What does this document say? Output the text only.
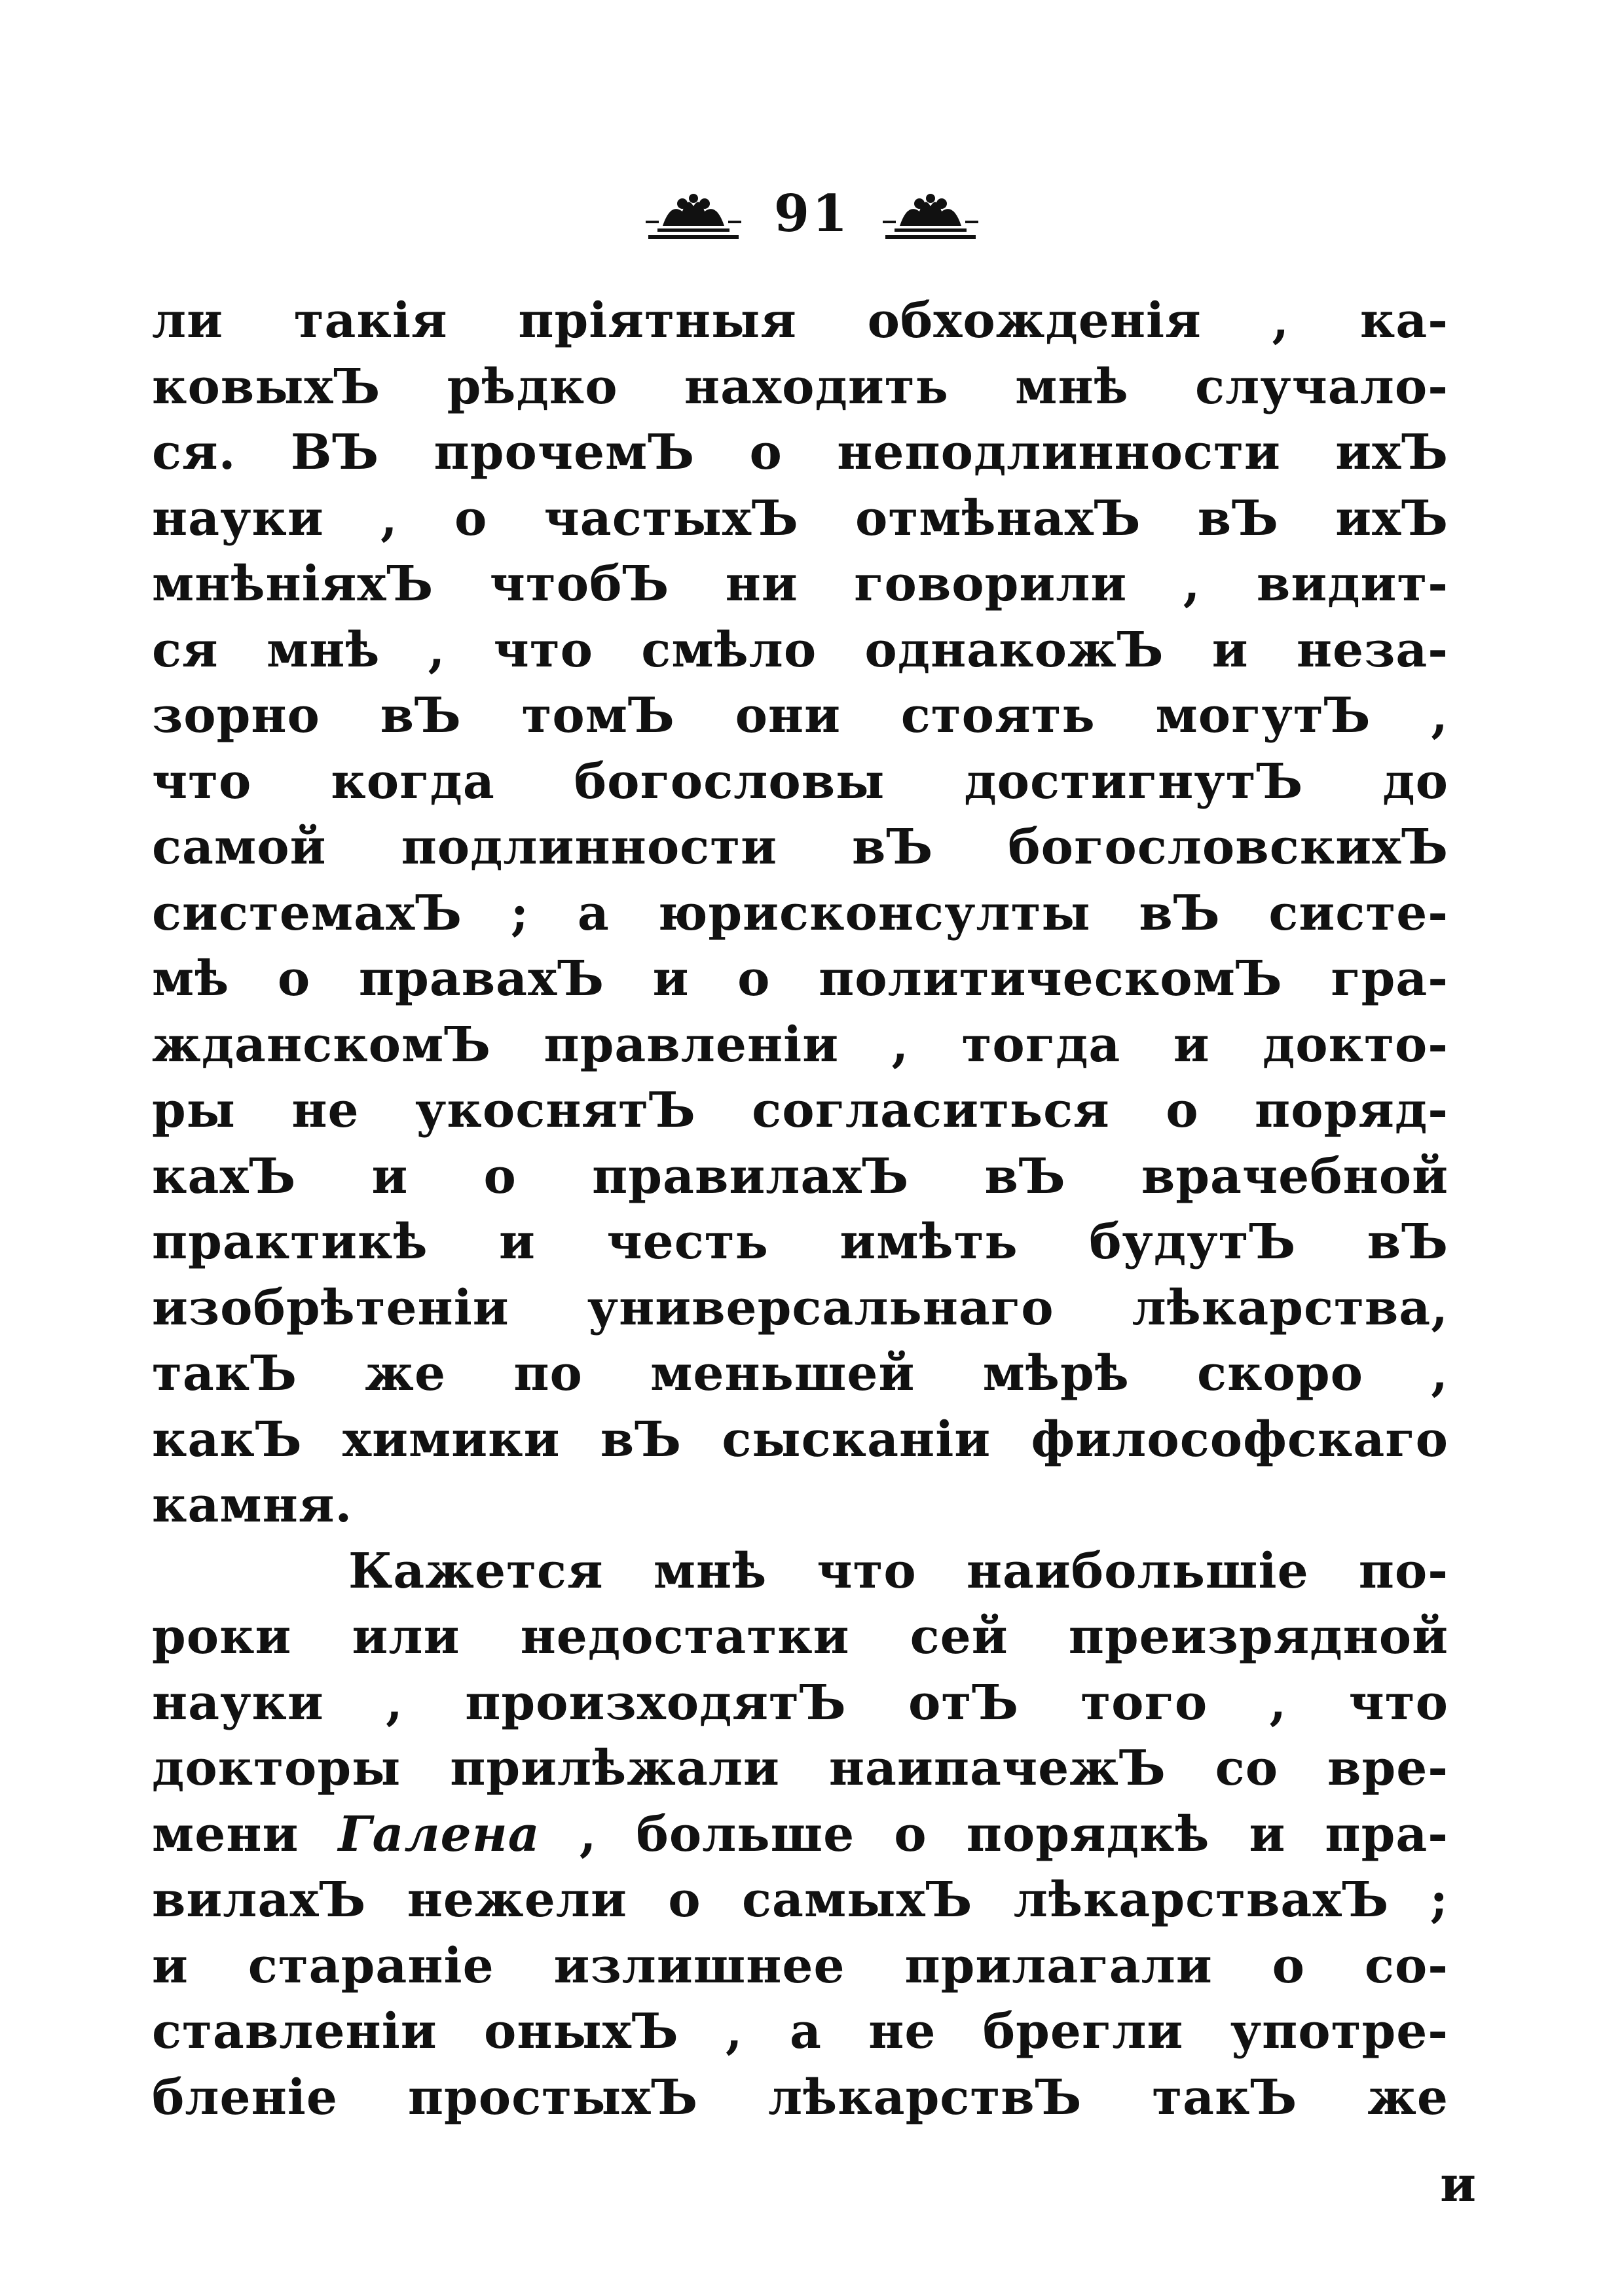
91
ли такія пріятныя обхожденія , ка-
ковыхЪ рѣдко находить мнѣ случало-
ся. ВЪ прочемЪ о неподлинности ихЪ
науки , о частыхЪ отмѣнахЪ вЪ ихЪ
мнѣніяхЪ чтобЪ ни говорили , видит-
ся мнѣ , что смѣло однакожЪ и неза-
зорно вЪ томЪ они стоять могутЪ ,
что когда богословы достигнутЪ до
самой подлинности вЪ богословскихЪ
системахЪ ; а юрисконсулты вЪ систе-
мѣ о правахЪ и о политическомЪ гра-
жданскомЪ правленіи , тогда и докто-
ры не укоснятЪ согласиться о поряд-
кахЪ и о правилахЪ вЪ врачебной
практикѣ и честь имѣть будутЪ вЪ
изобрѣтеніи универсальнаго лѣкарства,
такЪ же по меньшей мѣрѣ скоро ,
какЪ химики вЪ сысканіи философскаго
камня.
Кажется мнѣ что наибольшіе по-
роки или недостатки сей преизрядной
науки , произходятЪ отЪ того , что
докторы прилѣжали наипачежЪ со вре-
мени Галена , больше о порядкѣ и пра-
вилахЪ нежели о самыхЪ лѣкарствахЪ ;
и стараніе излишнее прилагали о со-
ставленіи оныхЪ , а не брегли употре-
бленіе простыхЪ лѣкарствЪ такЪ же
и
